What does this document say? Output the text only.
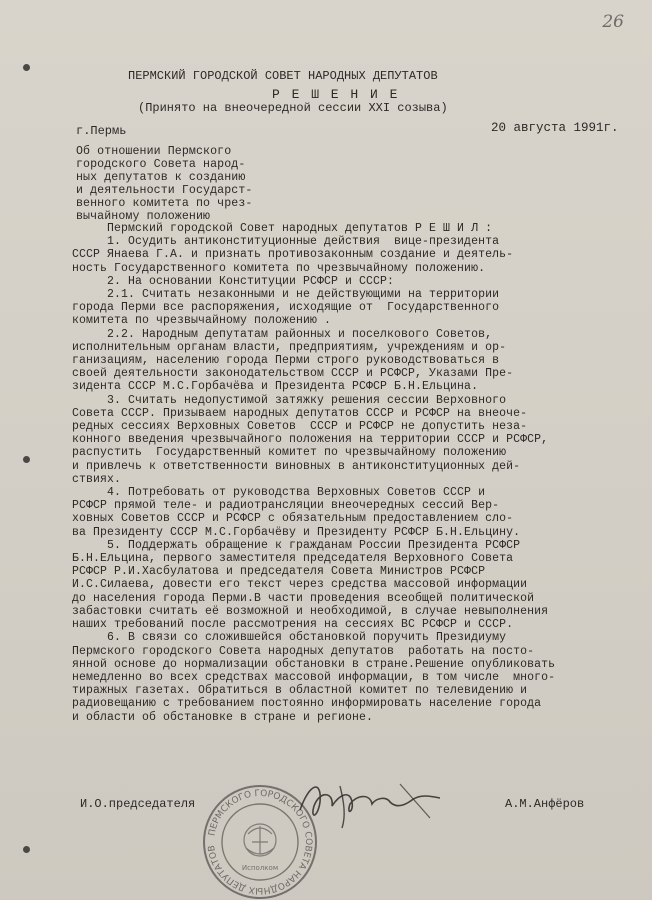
26
ПЕРМСКИЙ ГОРОДСКОЙ СОВЕТ НАРОДНЫХ ДЕПУТАТОВ
Р Е Ш Е Н И Е
(Принято на внеочередной сессии ХХI созыва)
г.Пермь	20 августа 1991г.
Об отношении Пермского
городского Совета народ-
ных депутатов к созданию
и деятельности Государст-
венного комитета по чрез-
вычайному положению
Пермский городской Совет народных депутатов Р Е Ш И Л :
1. Осудить антиконституционные действия  вице-президента
СССР Янаева Г.А. и признать противозаконным создание и деятель-
ность Государственного комитета по чрезвычайному положению.
2. На основании Конституции РСФСР и СССР:
2.1. Считать незаконными и не действующими на территории
города Перми все распоряжения, исходящие от  Государственного
комитета по чрезвычайному положению .
2.2. Народным депутатам районных и поселкового Советов,
исполнительным органам власти, предприятиям, учреждениям и ор-
ганизациям, населению города Перми строго руководствоваться в
своей деятельности законодательством СССР и РСФСР, Указами Пре-
зидента СССР М.С.Горбачёва и Президента РСФСР Б.Н.Ельцина.
3. Считать недопустимой затяжку решения сессии Верховного
Совета СССР. Призываем народных депутатов СССР и РСФСР на внеоче-
редных сессиях Верховных Советов  СССР и РСФСР не допустить неза-
конного введения чрезвычайного положения на территории СССР и РСФСР,
распустить  Государственный комитет по чрезвычайному положению
и привлечь к ответственности виновных в антиконституционных дей-
ствиях.
4. Потребовать от руководства Верховных Советов СССР и
РСФСР прямой теле- и радиотрансляции внеочередных сессий Вер-
ховных Советов СССР и РСФСР с обязательным предоставлением сло-
ва Президенту СССР М.С.Горбачёву и Президенту РСФСР Б.Н.Ельцину.
5. Поддержать обращение к гражданам России Президента РСФСР
Б.Н.Ельцина, первого заместителя председателя Верховного Совета
РСФСР Р.И.Хасбулатова и председателя Совета Министров РСФСР
И.С.Силаева, довести его текст через средства массовой информации
до населения города Перми.В части проведения всеобщей политической
забастовки считать её возможной и необходимой, в случае невыполнения
наших требований после рассмотрения на сессиях ВС РСФСР и СССР.
6. В связи со сложившейся обстановкой поручить Президиуму
Пермского городского Совета народных депутатов  работать на посто-
янной основе до нормализации обстановки в стране.Решение опубликовать
немедленно во всех средствах массовой информации, в том числе  много-
тиражных газетах. Обратиться в областной комитет по телевидению и
радиовещанию с требованием постоянно информировать население города
и области об обстановке в стране и регионе.
ПЕРМСКОГО ГОРОДСКОГО СОВЕТА НАРОДНЫХ ДЕПУТАТОВ
Исполком
И.О.председателя	А.М.Анфёров
